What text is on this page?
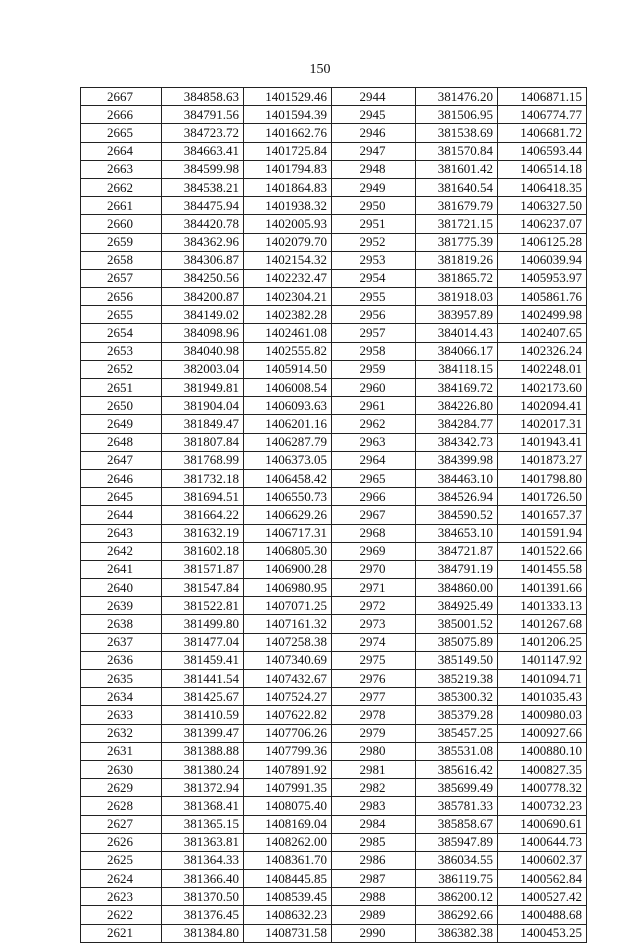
150
2667	384858.63	1401529.46	2944	381476.20	1406871.15
2666	384791.56	1401594.39	2945	381506.95	1406774.77
2665	384723.72	1401662.76	2946	381538.69	1406681.72
2664	384663.41	1401725.84	2947	381570.84	1406593.44
2663	384599.98	1401794.83	2948	381601.42	1406514.18
2662	384538.21	1401864.83	2949	381640.54	1406418.35
2661	384475.94	1401938.32	2950	381679.79	1406327.50
2660	384420.78	1402005.93	2951	381721.15	1406237.07
2659	384362.96	1402079.70	2952	381775.39	1406125.28
2658	384306.87	1402154.32	2953	381819.26	1406039.94
2657	384250.56	1402232.47	2954	381865.72	1405953.97
2656	384200.87	1402304.21	2955	381918.03	1405861.76
2655	384149.02	1402382.28	2956	383957.89	1402499.98
2654	384098.96	1402461.08	2957	384014.43	1402407.65
2653	384040.98	1402555.82	2958	384066.17	1402326.24
2652	382003.04	1405914.50	2959	384118.15	1402248.01
2651	381949.81	1406008.54	2960	384169.72	1402173.60
2650	381904.04	1406093.63	2961	384226.80	1402094.41
2649	381849.47	1406201.16	2962	384284.77	1402017.31
2648	381807.84	1406287.79	2963	384342.73	1401943.41
2647	381768.99	1406373.05	2964	384399.98	1401873.27
2646	381732.18	1406458.42	2965	384463.10	1401798.80
2645	381694.51	1406550.73	2966	384526.94	1401726.50
2644	381664.22	1406629.26	2967	384590.52	1401657.37
2643	381632.19	1406717.31	2968	384653.10	1401591.94
2642	381602.18	1406805.30	2969	384721.87	1401522.66
2641	381571.87	1406900.28	2970	384791.19	1401455.58
2640	381547.84	1406980.95	2971	384860.00	1401391.66
2639	381522.81	1407071.25	2972	384925.49	1401333.13
2638	381499.80	1407161.32	2973	385001.52	1401267.68
2637	381477.04	1407258.38	2974	385075.89	1401206.25
2636	381459.41	1407340.69	2975	385149.50	1401147.92
2635	381441.54	1407432.67	2976	385219.38	1401094.71
2634	381425.67	1407524.27	2977	385300.32	1401035.43
2633	381410.59	1407622.82	2978	385379.28	1400980.03
2632	381399.47	1407706.26	2979	385457.25	1400927.66
2631	381388.88	1407799.36	2980	385531.08	1400880.10
2630	381380.24	1407891.92	2981	385616.42	1400827.35
2629	381372.94	1407991.35	2982	385699.49	1400778.32
2628	381368.41	1408075.40	2983	385781.33	1400732.23
2627	381365.15	1408169.04	2984	385858.67	1400690.61
2626	381363.81	1408262.00	2985	385947.89	1400644.73
2625	381364.33	1408361.70	2986	386034.55	1400602.37
2624	381366.40	1408445.85	2987	386119.75	1400562.84
2623	381370.50	1408539.45	2988	386200.12	1400527.42
2622	381376.45	1408632.23	2989	386292.66	1400488.68
2621	381384.80	1408731.58	2990	386382.38	1400453.25
